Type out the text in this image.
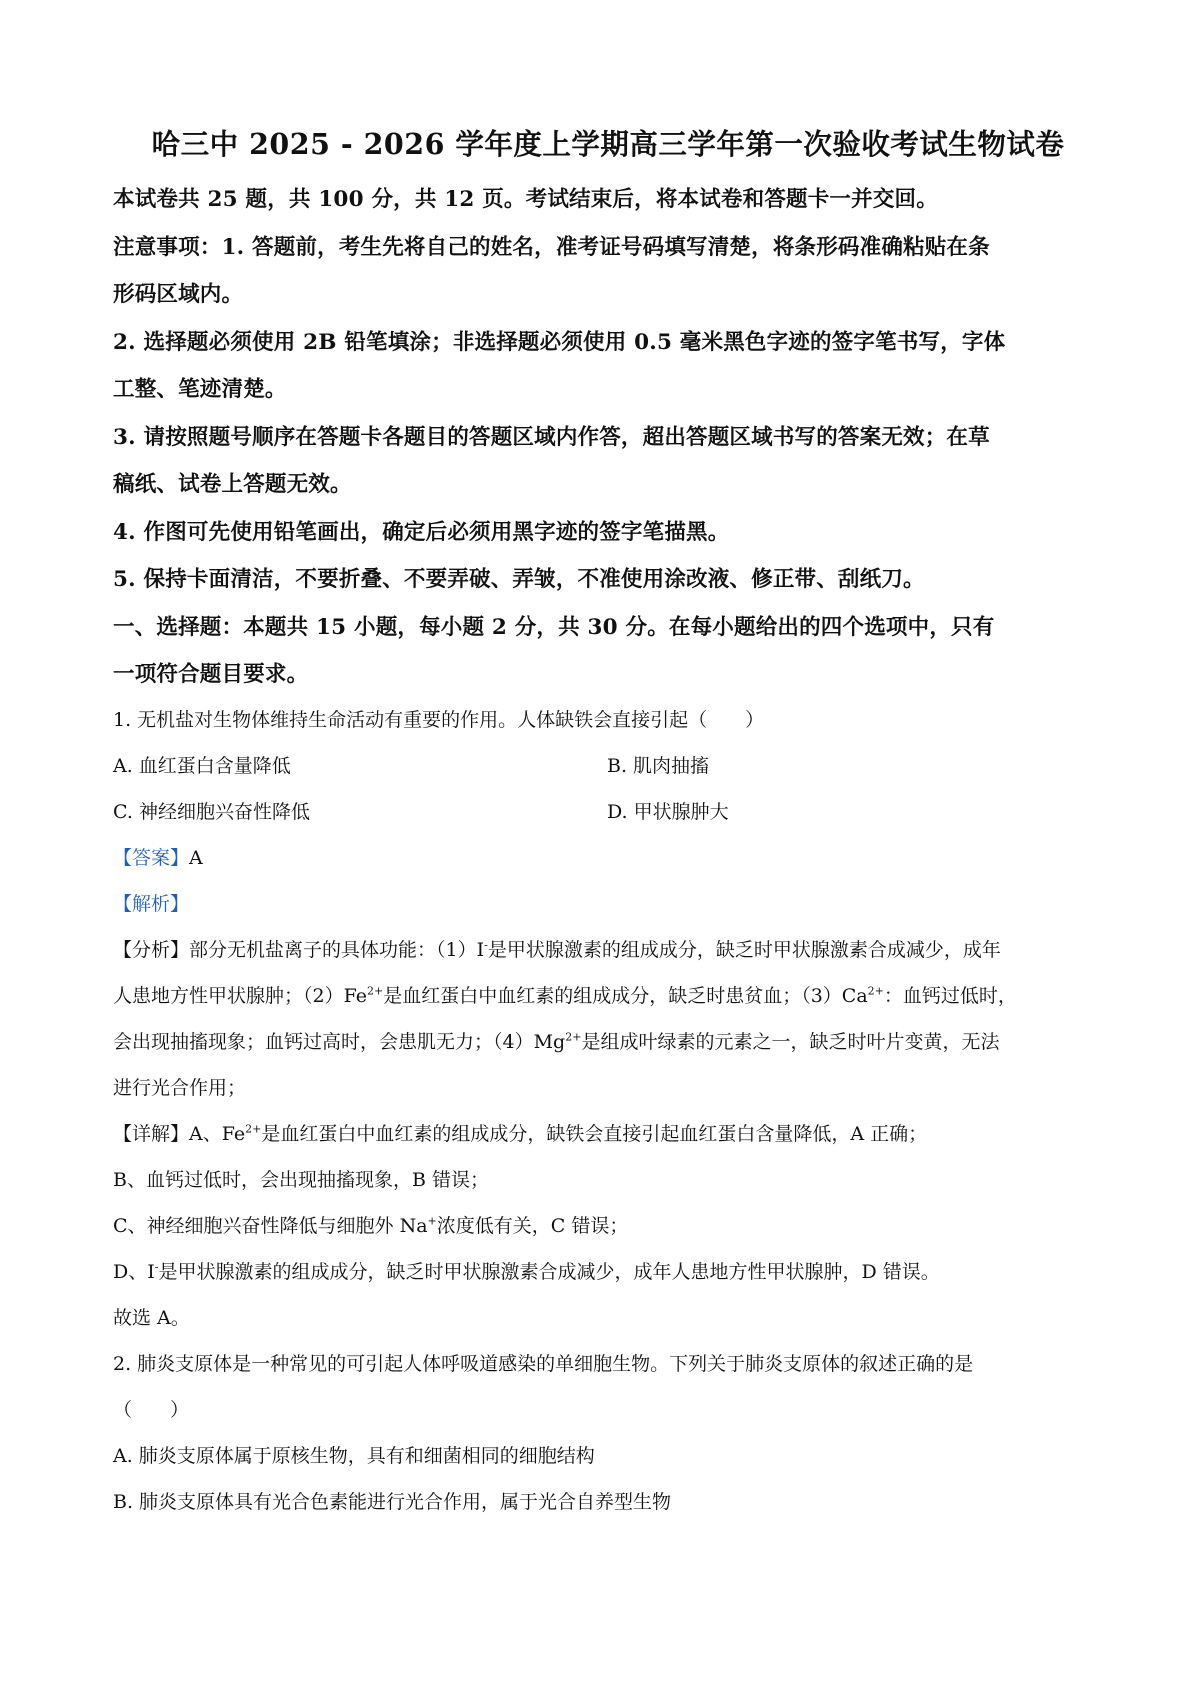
哈三中 2025 - 2026 学年度上学期高三学年第一次验收考试生物试卷

本试卷共 25 题，共 100 分，共 12 页。考试结束后，将本试卷和答题卡一并交回。

注意事项：1. 答题前，考生先将自己的姓名，准考证号码填写清楚，将条形码准确粘贴在条

形码区域内。

2. 选择题必须使用 2B 铅笔填涂；非选择题必须使用 0.5 毫米黑色字迹的签字笔书写，字体

工整、笔迹清楚。

3. 请按照题号顺序在答题卡各题目的答题区域内作答，超出答题区域书写的答案无效；在草

稿纸、试卷上答题无效。

4. 作图可先使用铅笔画出，确定后必须用黑字迹的签字笔描黑。

5. 保持卡面清洁，不要折叠、不要弄破、弄皱，不准使用涂改液、修正带、刮纸刀。

一、选择题：本题共 15 小题，每小题 2 分，共 30 分。在每小题给出的四个选项中，只有

一项符合题目要求。

1. 无机盐对生物体维持生命活动有重要的作用。人体缺铁会直接引起（　　）

A. 血红蛋白含量降低	B. 肌肉抽搐
C. 神经细胞兴奋性降低	D. 甲状腺肿大

【答案】A

【解析】

【分析】部分无机盐离子的具体功能：（1）I-是甲状腺激素的组成成分，缺乏时甲状腺激素合成减少，成年

人患地方性甲状腺肿；$(2)Fe^{2+}$是血红蛋白中血红素的组成成分，缺乏时患贫血；$(3)Ca^{2+}$：血钙过低时，

会出现抽搐现象；血钙过高时，会患肌无力；$(4)Mg^{2+}$是组成叶绿素的元素之一，缺乏时叶片变黄，无法

进行光合作用；

【详解】A、$Fe^{2+}$是血红蛋白中血红素的组成成分，缺铁会直接引起血红蛋白含量降低，A 正确；

B、血钙过低时，会出现抽搐现象，B 错误；

C、神经细胞兴奋性降低与细胞外 Na+浓度低有关，C 错误；

D、I-是甲状腺激素的组成成分，缺乏时甲状腺激素合成减少，成年人患地方性甲状腺肿，D 错误。

故选 A。

2. 肺炎支原体是一种常见的可引起人体呼吸道感染的单细胞生物。下列关于肺炎支原体的叙述正确的是

（　　）

A. 肺炎支原体属于原核生物，具有和细菌相同的细胞结构

B. 肺炎支原体具有光合色素能进行光合作用，属于光合自养型生物
